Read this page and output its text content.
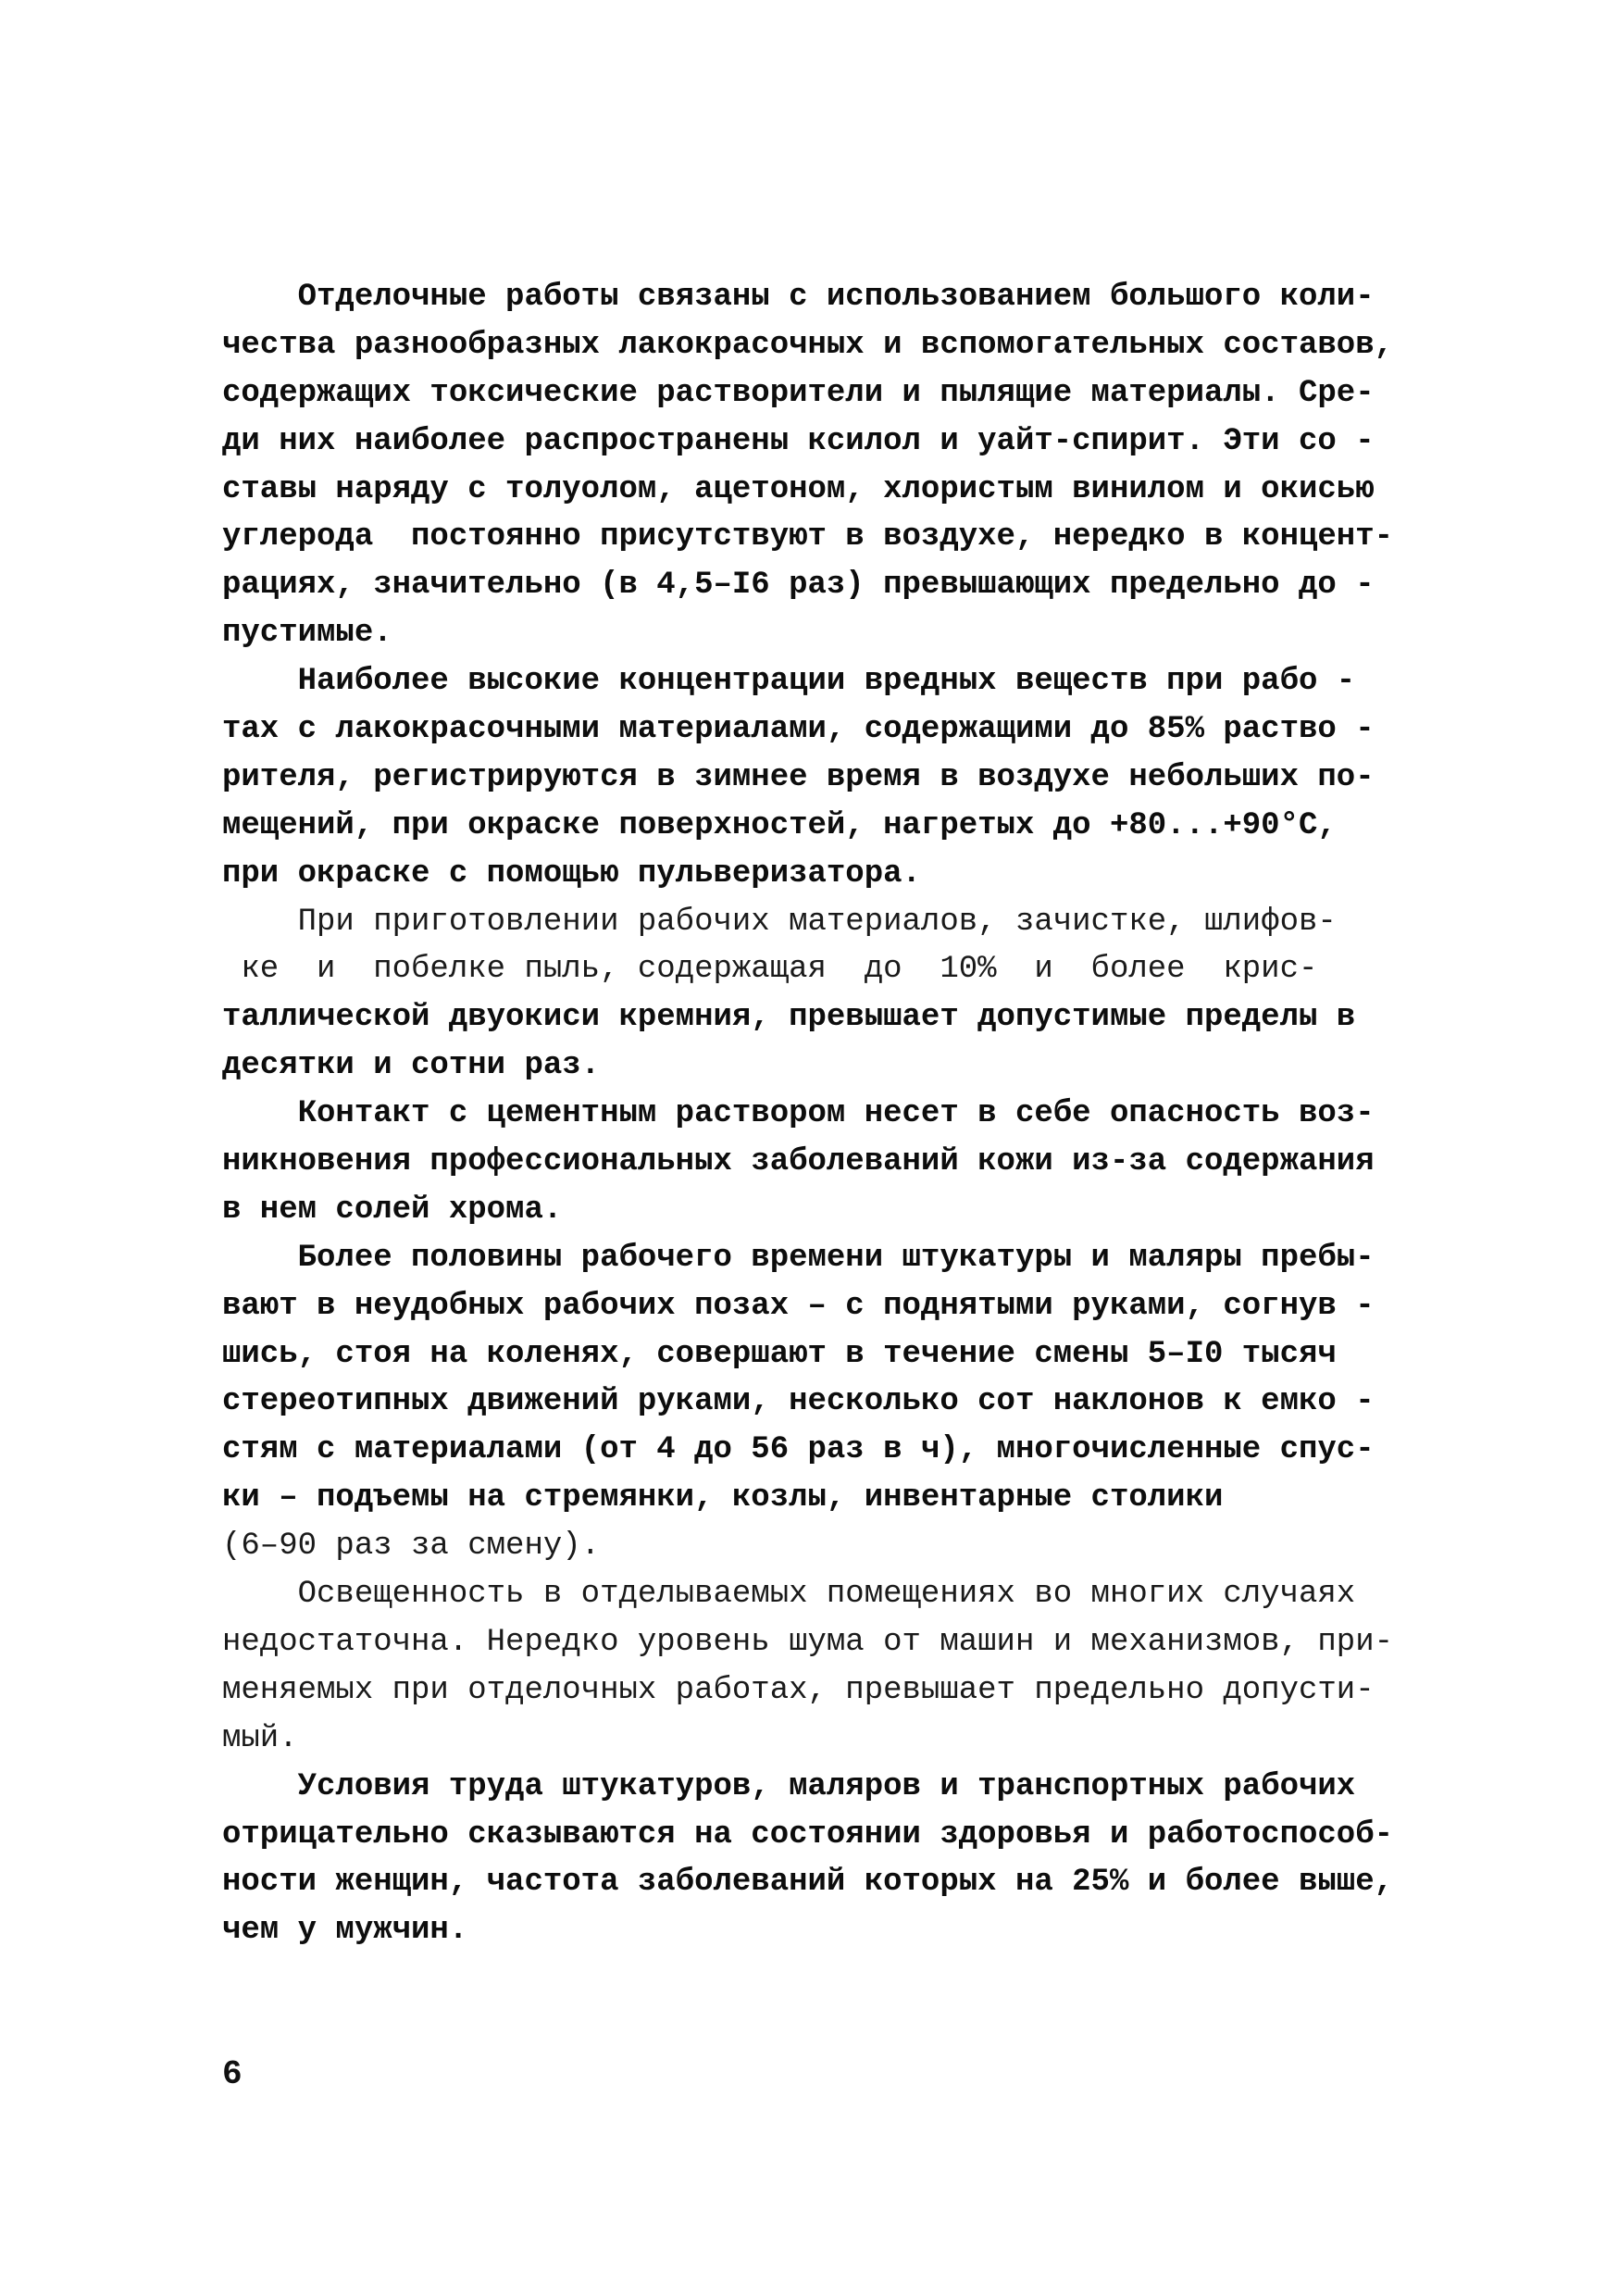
Отделочные работы связаны с использованием большого коли-
чества разнообразных лакокрасочных и вспомогательных составов,
содержащих токсические растворители и пылящие материалы. Сре-
ди них наиболее распространены ксилол и уайт-спирит. Эти со -
ставы наряду с толуолом, ацетоном, хлористым винилом и окисью
углерода  постоянно присутствуют в воздухе, нередко в концент-
рациях, значительно (в 4,5–I6 раз) превышающих предельно до -
пустимые.
Наиболее высокие концентрации вредных веществ при рабо -
тах с лакокрасочными материалами, содержащими до 85% раство -
рителя, регистрируются в зимнее время в воздухе небольших по-
мещений, при окраске поверхностей, нагретых до +80...+90°С,
при окраске с помощью пульверизатора.
При приготовлении рабочих материалов, зачистке, шлифов-
ке  и  побелке пыль, содержащая  до  10%  и  более  крис-
таллической двуокиси кремния, превышает допустимые пределы в
десятки и сотни раз.
Контакт с цементным раствором несет в себе опасность воз-
никновения профессиональных заболеваний кожи из-за содержания
в нем солей хрома.
Более половины рабочего времени штукатуры и маляры пребы-
вают в неудобных рабочих позах – с поднятыми руками, согнув -
шись, стоя на коленях, совершают в течение смены 5–I0 тысяч
стереотипных движений руками, несколько сот наклонов к емко -
стям с материалами (от 4 до 56 раз в ч), многочисленные спус-
ки – подъемы на стремянки, козлы, инвентарные столики
(6–90 раз за смену).
Освещенность в отделываемых помещениях во многих случаях
недостаточна. Нередко уровень шума от машин и механизмов, при-
меняемых при отделочных работах, превышает предельно допусти-
мый.
Условия труда штукатуров, маляров и транспортных рабочих
отрицательно сказываются на состоянии здоровья и работоспособ-
ности женщин, частота заболеваний которых на 25% и более выше,
чем у мужчин.
6
